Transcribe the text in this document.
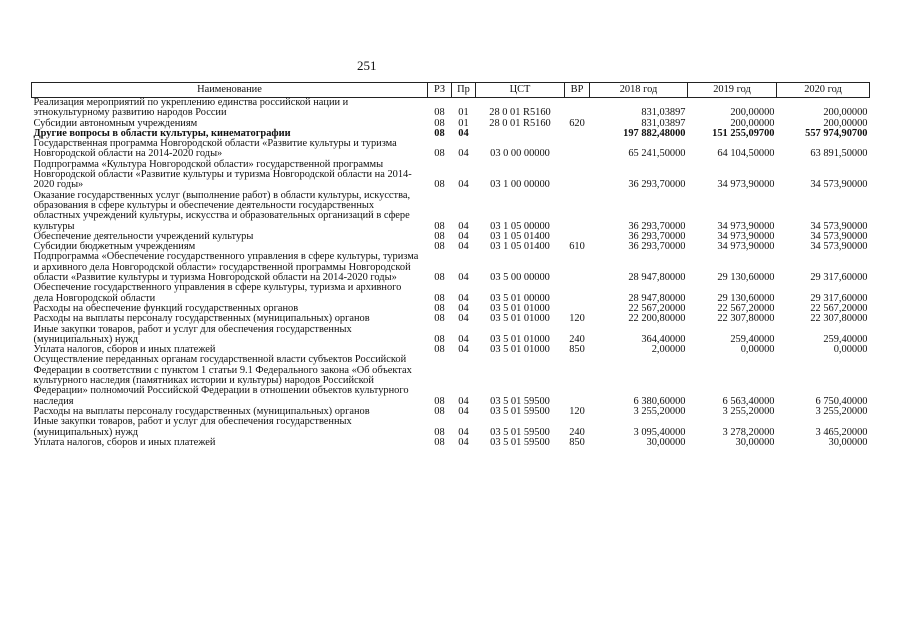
251
Наименование	РЗ	Пр	ЦСТ	ВР	2018 год	2019 год	2020 год
Реализация мероприятий по укреплению единства российской нации и этнокультурному развитию народов России	08	01	28 0 01 R5160		831,03897	200,00000	200,00000
Субсидии автономным учреждениям	08	01	28 0 01 R5160	620	831,03897	200,00000	200,00000
Другие вопросы в области культуры, кинематографии	08	04			197 882,48000	151 255,09700	557 974,90700
Государственная программа Новгородской области «Развитие культуры и туризма Новгородской области на 2014-2020 годы»	08	04	03 0 00 00000		65 241,50000	64 104,50000	63 891,50000
Подпрограмма «Культура Новгородской области» государственной программы Новгородской области «Развитие культуры и туризма Новгородской области на 2014-2020 годы»	08	04	03 1 00 00000		36 293,70000	34 973,90000	34 573,90000
Оказание государственных услуг (выполнение работ) в области культуры, искусства, образования в сфере культуры и обеспечение деятельности государственных областных учреждений культуры, искусства и образовательных организаций в сфере культуры	08	04	03 1 05 00000		36 293,70000	34 973,90000	34 573,90000
Обеспечение деятельности учреждений культуры	08	04	03 1 05 01400		36 293,70000	34 973,90000	34 573,90000
Субсидии бюджетным учреждениям	08	04	03 1 05 01400	610	36 293,70000	34 973,90000	34 573,90000
Подпрограмма «Обеспечение государственного управления в сфере культуры, туризма и архивного дела Новгородской области» государственной программы Новгородской области «Развитие культуры и туризма Новгородской области на 2014-2020 годы»	08	04	03 5 00 00000		28 947,80000	29 130,60000	29 317,60000
Обеспечение государственного управления в сфере культуры, туризма и архивного дела Новгородской области	08	04	03 5 01 00000		28 947,80000	29 130,60000	29 317,60000
Расходы на обеспечение функций государственных органов	08	04	03 5 01 01000		22 567,20000	22 567,20000	22 567,20000
Расходы на выплаты персоналу государственных (муниципальных) органов	08	04	03 5 01 01000	120	22 200,80000	22 307,80000	22 307,80000
Иные закупки товаров, работ и услуг для обеспечения государственных (муниципальных) нужд	08	04	03 5 01 01000	240	364,40000	259,40000	259,40000
Уплата налогов, сборов и иных платежей	08	04	03 5 01 01000	850	2,00000	0,00000	0,00000
Осуществление переданных органам государственной власти субъектов Российской Федерации в соответствии с пунктом 1 статьи 9.1 Федерального закона «Об объектах культурного наследия (памятниках истории и культуры) народов Российской Федерации» полномочий Российской Федерации в отношении объектов культурного наследия	08	04	03 5 01 59500		6 380,60000	6 563,40000	6 750,40000
Расходы на выплаты персоналу государственных (муниципальных) органов	08	04	03 5 01 59500	120	3 255,20000	3 255,20000	3 255,20000
Иные закупки товаров, работ и услуг для обеспечения государственных (муниципальных) нужд	08	04	03 5 01 59500	240	3 095,40000	3 278,20000	3 465,20000
Уплата налогов, сборов и иных платежей	08	04	03 5 01 59500	850	30,00000	30,00000	30,00000
